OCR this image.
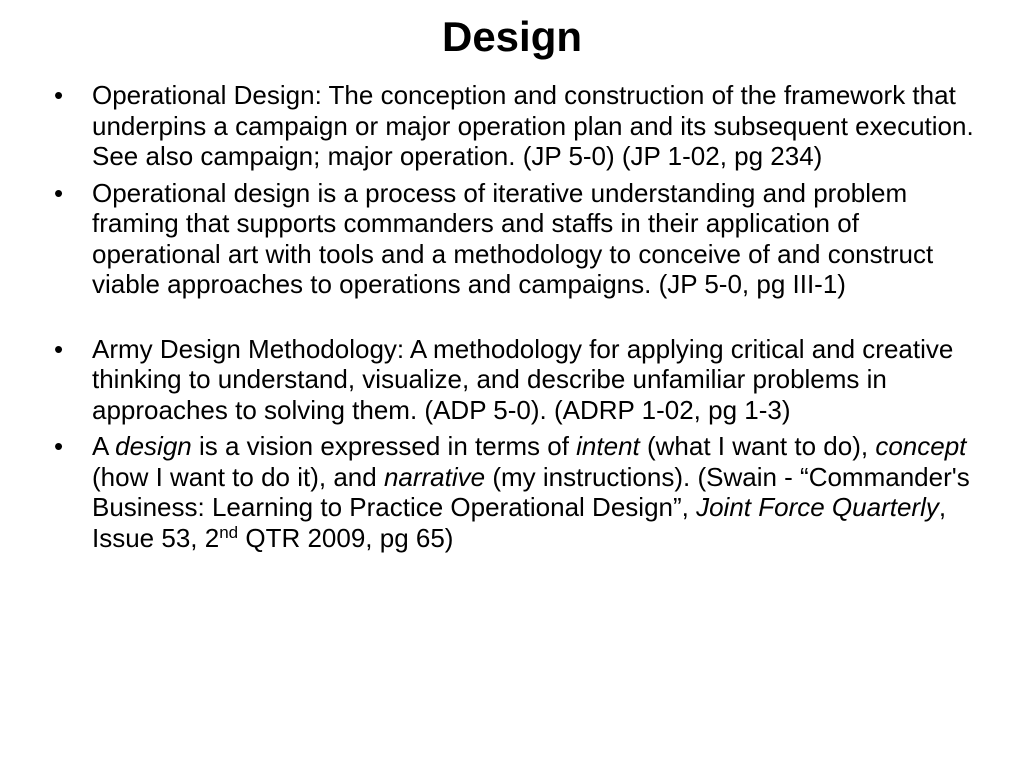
Design
• Operational Design: The conception and construction of the framework that underpins a campaign or major operation plan and its subsequent execution. See also campaign; major operation. (JP 5-0) (JP 1-02, pg 234)
• Operational design is a process of iterative understanding and problem framing that supports commanders and staffs in their application of operational art with tools and a methodology to conceive of and construct viable approaches to operations and campaigns. (JP 5-0, pg III-1)
• Army Design Methodology: A methodology for applying critical and creative thinking to understand, visualize, and describe unfamiliar problems in approaches to solving them. (ADP 5-0). (ADRP 1-02, pg 1-3)
• A design is a vision expressed in terms of intent (what I want to do), concept (how I want to do it), and narrative (my instructions). (Swain - “Commander's Business: Learning to Practice Operational Design”, Joint Force Quarterly, Issue 53, 2nd QTR 2009, pg 65)
